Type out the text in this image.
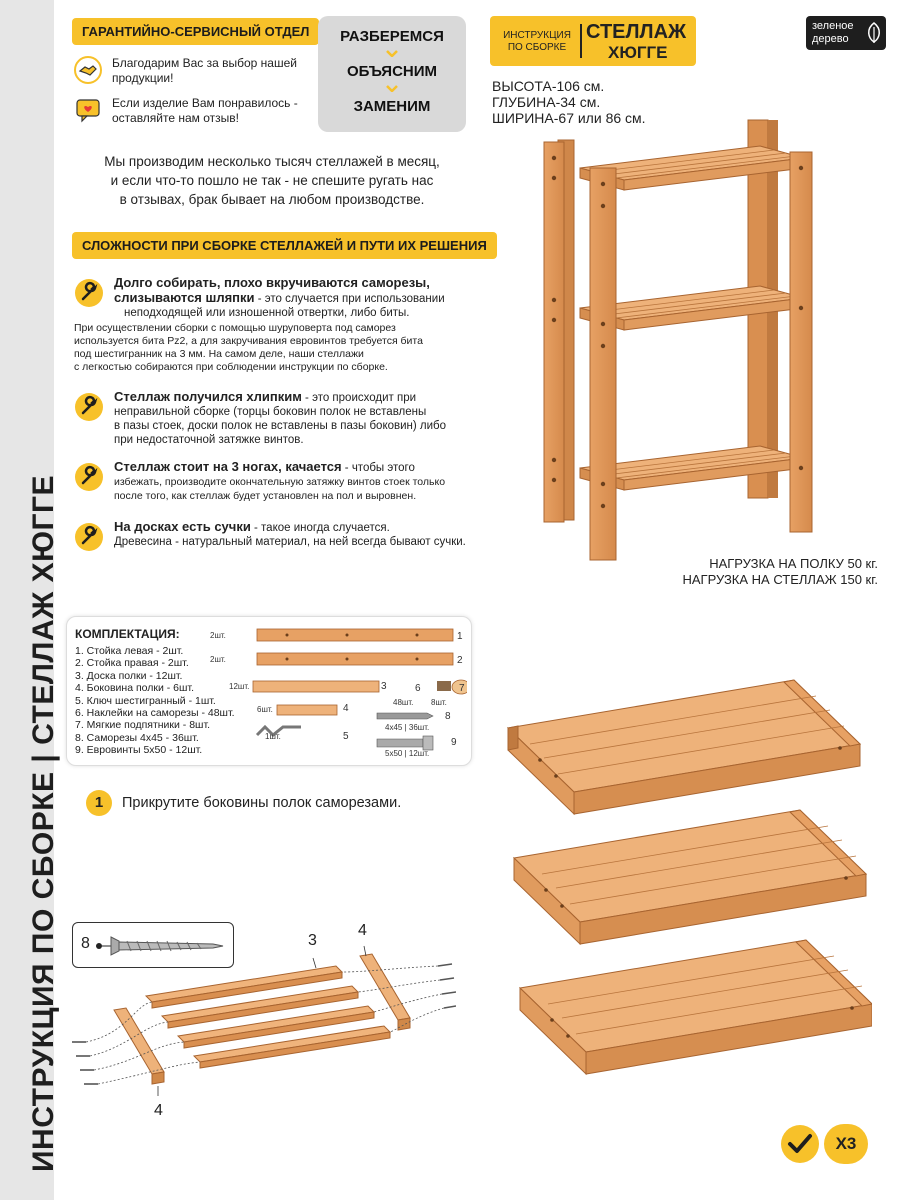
ИНСТРУКЦИЯ ПО СБОРКЕ | СТЕЛЛАЖ ХЮГГЕ
ГАРАНТИЙНО-СЕРВИСНЫЙ ОТДЕЛ
Благодарим Вас за выбор нашей
продукции!
Если изделие Вам понравилось -
оставляйте нам отзыв!
РАЗБЕРЕМСЯ
ОБЪЯСНИМ
ЗАМЕНИМ
Мы производим несколько тысяч стеллажей в месяц,
и если что-то пошло не так - не спешите ругать нас
в отзывах, брак бывает на любом производстве.
СЛОЖНОСТИ ПРИ СБОРКЕ СТЕЛЛАЖЕЙ И ПУТИ ИХ РЕШЕНИЯ
Долго собирать, плохо вкручиваются саморезы,
слизываются шляпки - это случается при использовании
неподходящей или изношенной отвертки, либо биты.
При осуществлении сборки с помощью шуруповерта под саморез
используется бита Pz2, а для закручивания евровинтов требуется бита
под шестигранник на 3 мм. На самом деле, наши стеллажи
с легкостью собираются при соблюдении инструкции по сборке.
Стеллаж получился хлипким - это происходит при
неправильной сборке (торцы боковин полок не вставлены
в пазы стоек, доски полок не вставлены в пазы боковин) либо
при недостаточной затяжке винтов.
Стеллаж стоит на 3 ногах, качается - чтобы этого
избежать, производите окончательную затяжку винтов стоек только
после того, как стеллаж будет установлен на пол и выровнен.
На досках есть сучки - такое иногда случается.
Древесина - натуральный материал, на ней всегда бывают сучки.
ИНСТРУКЦИЯ
ПО СБОРКЕ
СТЕЛЛАЖ
ХЮГГЕ
зеленое
дерево
ВЫСОТА-106 см.
ГЛУБИНА-34 см.
ШИРИНА-67 или 86 см.
НАГРУЗКА НА ПОЛКУ 50 кг.
НАГРУЗКА НА СТЕЛЛАЖ 150 кг.
КОМПЛЕКТАЦИЯ:
1. Стойка левая - 2шт.
2. Стойка правая - 2шт.
3. Доска полки - 12шт.
4. Боковина полки - 6шт.
5. Ключ шестигранный - 1шт.
6. Наклейки на саморезы - 48шт.
7. Мягкие подпятники - 8шт.
8. Саморезы 4х45 - 36шт.
9. Евровинты 5х50 - 12шт.
2шт.	1
2шт.	2
12шт.	3
6шт.	4
1шт.	5
48шт.
6
8шт.
7
4х45 | 36шт.
8
5х50 | 12шт.
9
1	Прикрутите боковины полок саморезами.
8	3
4
4
Х3
